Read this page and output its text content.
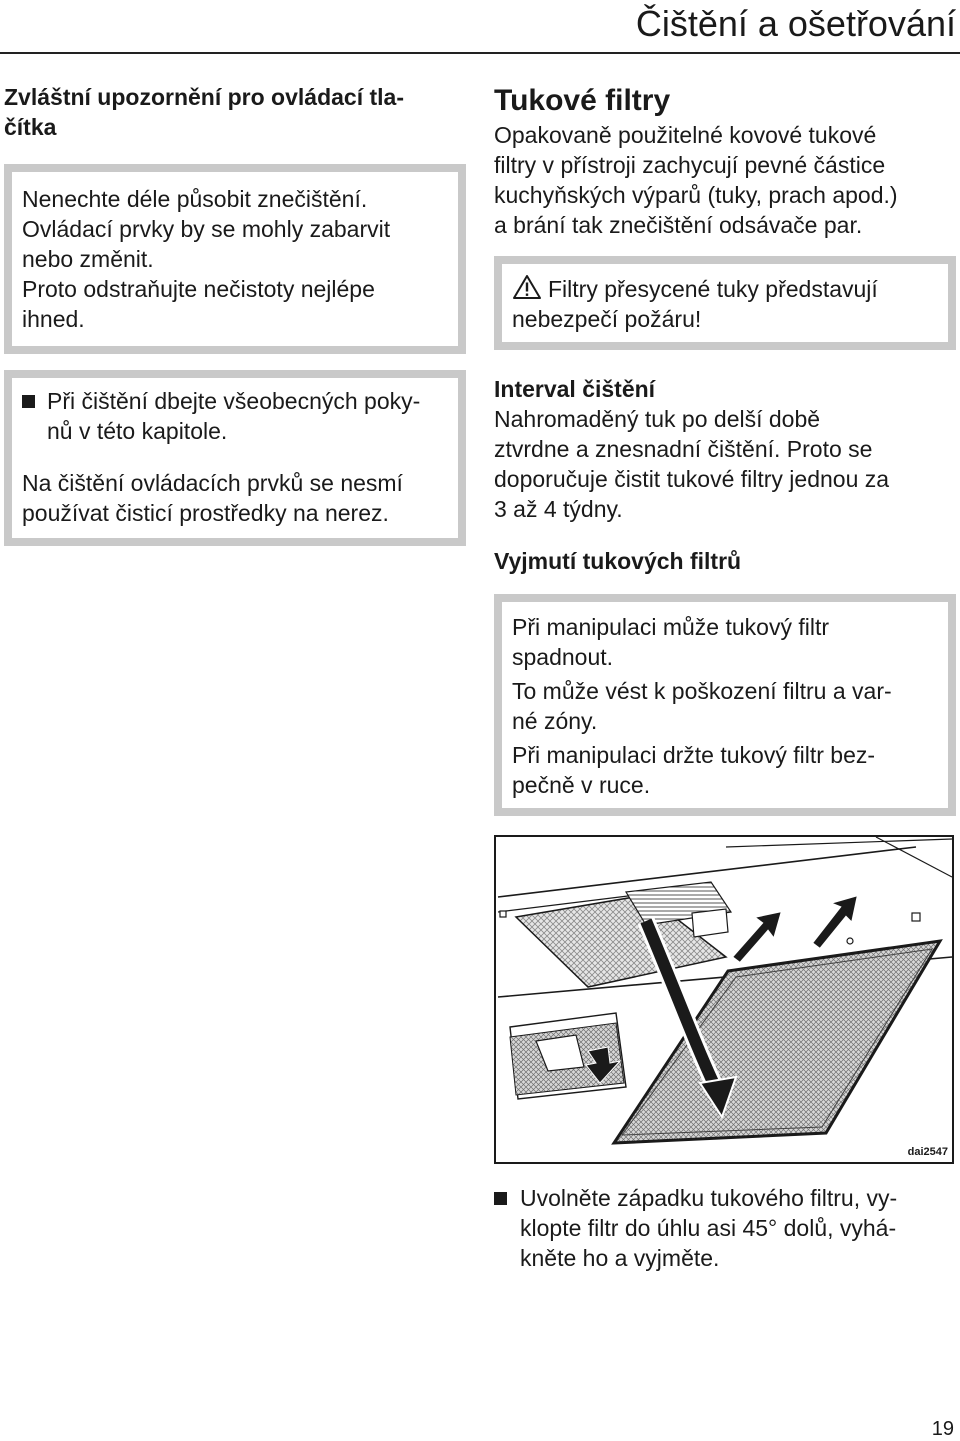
Čištění a ošetřování

Zvláštní upozornění pro ovládací tla-
čítka

Nenechte déle působit znečištění.
Ovládací prvky by se mohly zabarvit
nebo změnit.
Proto odstraňujte nečistoty nejlépe
ihned.

Při čištění dbejte všeobecných poky-
nů v této kapitole.

Na čištění ovládacích prvků se nesmí
používat čisticí prostředky na nerez.

Tukové filtry

Opakovaně použitelné kovové tukové
filtry v přístroji zachycují pevné částice
kuchyňských výparů (tuky, prach apod.)
a brání tak znečištění odsávače par.

Filtry přesycené tuky představují
nebezpečí požáru!

Interval čištění

Nahromaděný tuk po delší době
ztvrdne a znesnadní čištění. Proto se
doporučuje čistit tukové filtry jednou za
3 až 4 týdny.

Vyjmutí tukových filtrů

Při manipulaci může tukový filtr
spadnout.

To může vést k poškození filtru a var-
né zóny.

Při manipulaci držte tukový filtr bez-
pečně v ruce.

dai2547

Uvolněte západku tukového filtru, vy-
klopte filtr do úhlu asi 45° dolů, vyhá-
kněte ho a vyjměte.

19
